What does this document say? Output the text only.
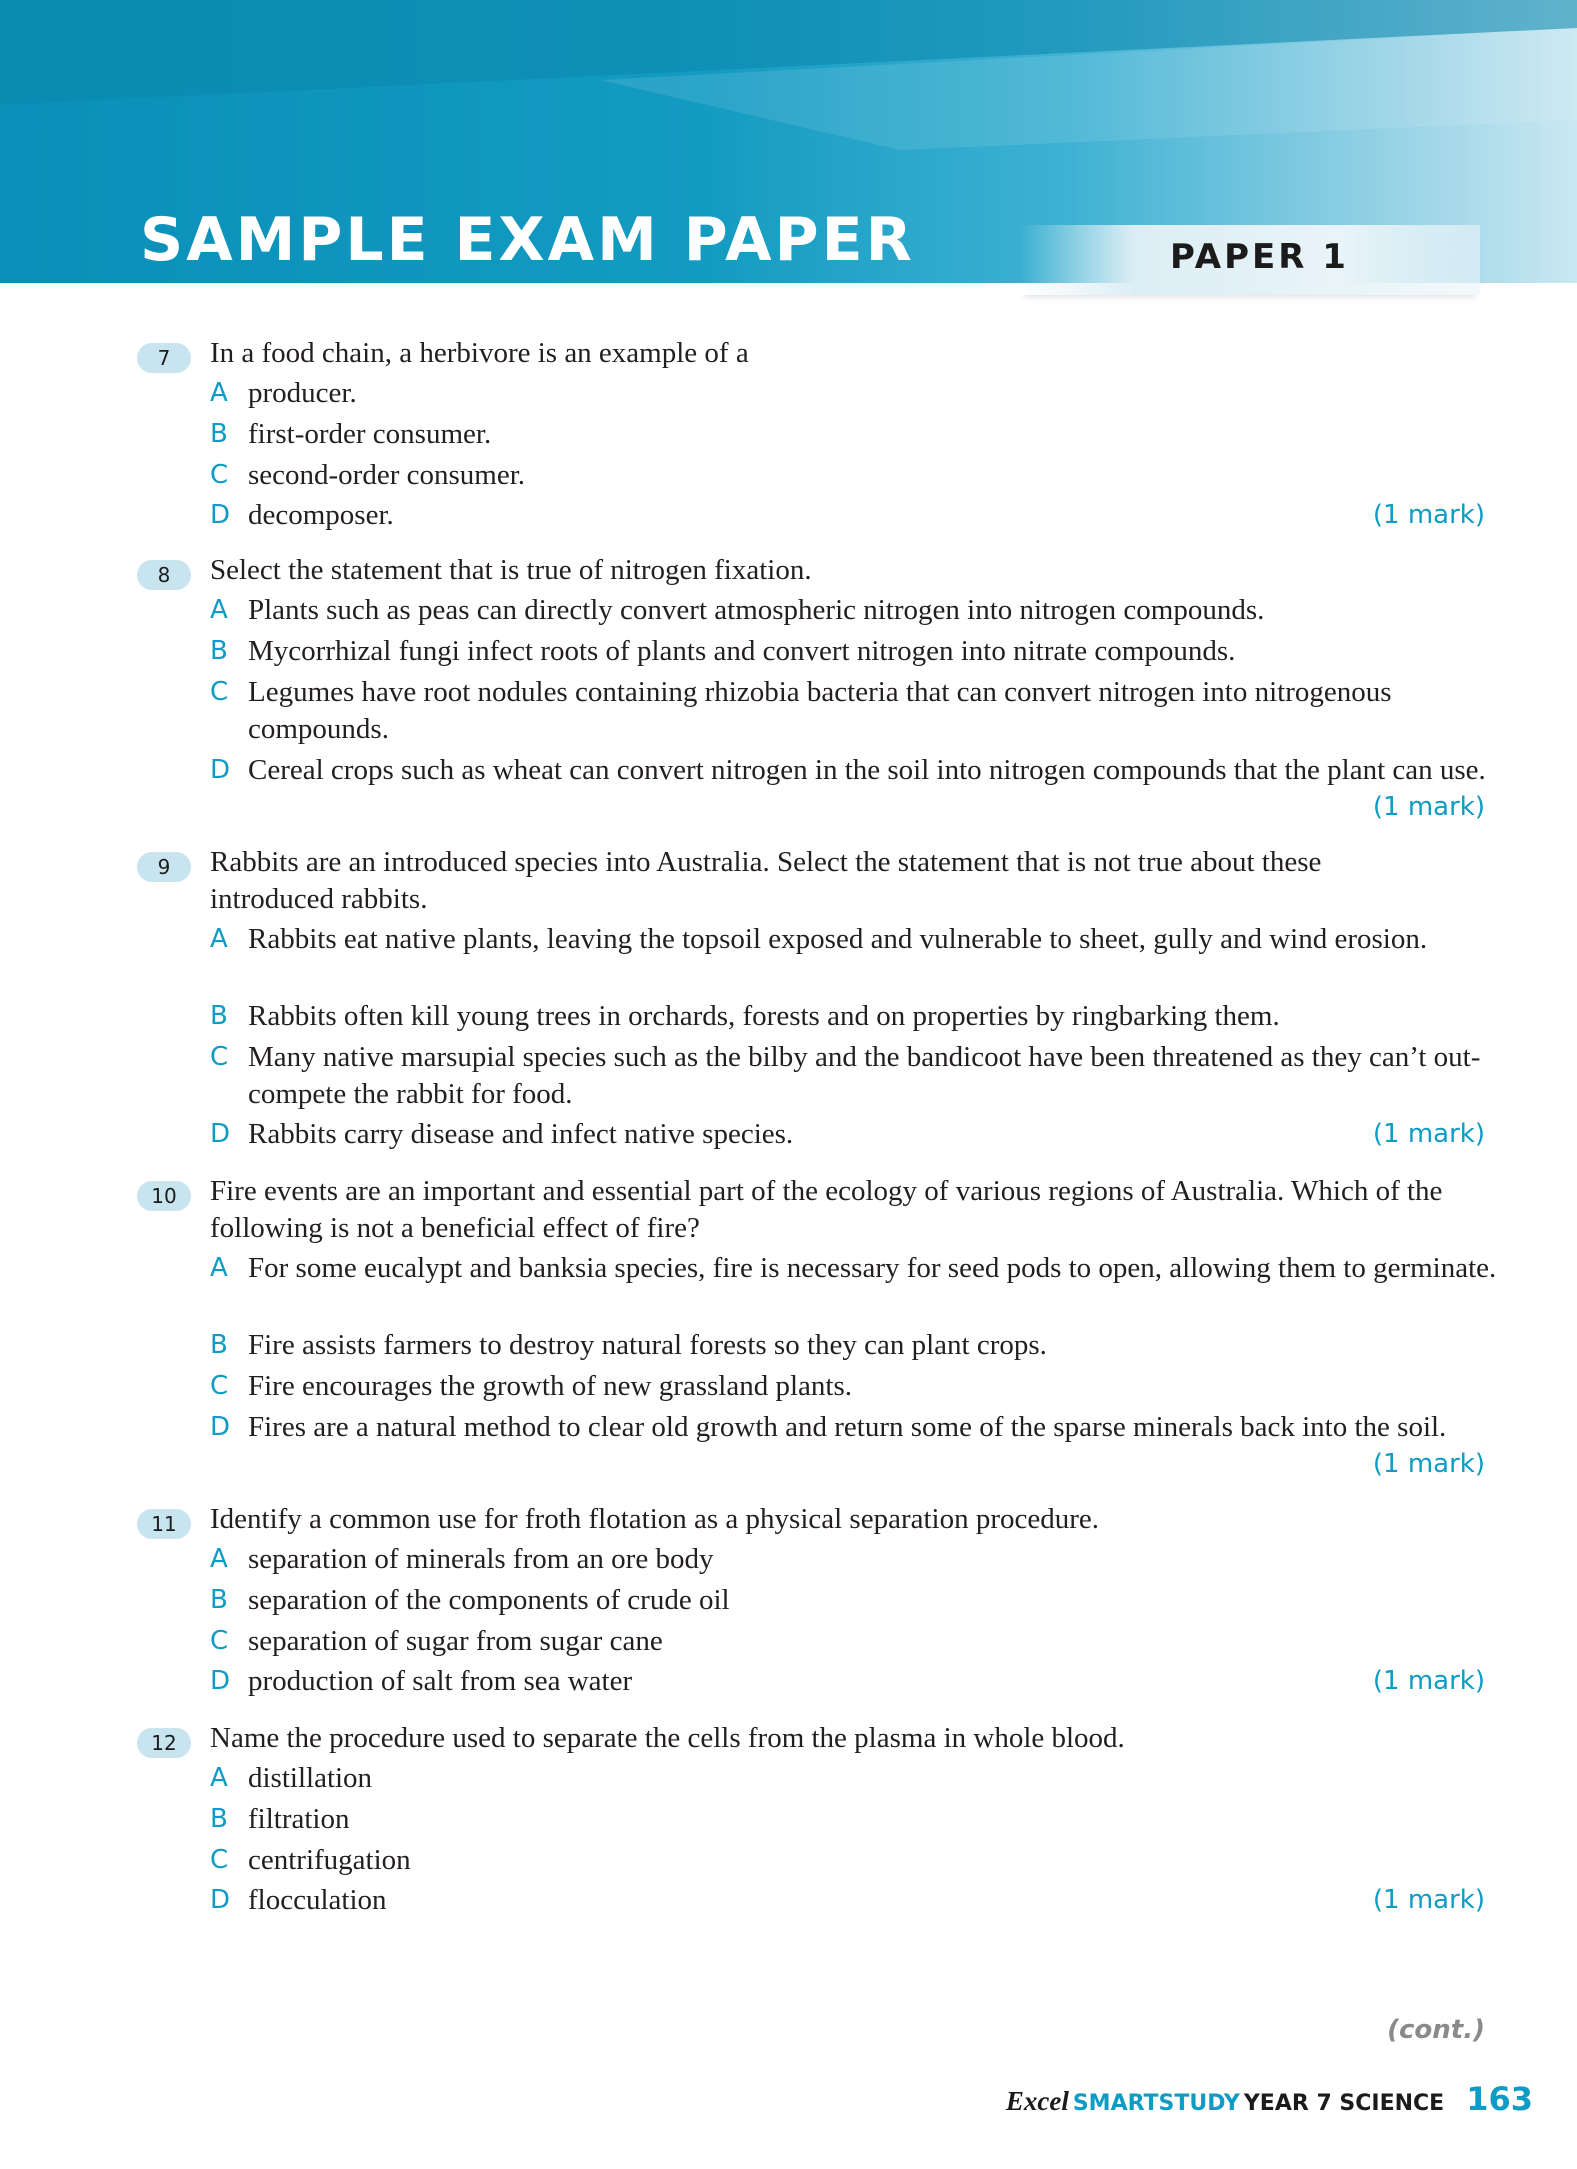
SAMPLE EXAM PAPER	PAPER 1
7	In a food chain, a herbivore is an example of a

A producer.

B first-order consumer.

C second-order consumer.

D decomposer.	(1 mark)
8	Select the statement that is true of nitrogen fixation.

A Plants such as peas can directly convert atmospheric nitrogen into nitrogen compounds.

B Mycorrhizal fungi infect roots of plants and convert nitrogen into nitrate compounds.

C Legumes have root nodules containing rhizobia bacteria that can convert nitrogen into nitrogenous compounds.

D Cereal crops such as wheat can convert nitrogen in the soil into nitrogen compounds that the plant can use.

(1 mark)
9	Rabbits are an introduced species into Australia. Select the statement that is not true about these introduced rabbits.

A Rabbits eat native plants, leaving the topsoil exposed and vulnerable to sheet, gully and wind erosion.

B Rabbits often kill young trees in orchards, forests and on properties by ringbarking them.

C Many native marsupial species such as the bilby and the bandicoot have been threatened as they can’t out-compete the rabbit for food.

D Rabbits carry disease and infect native species.	(1 mark)
10	Fire events are an important and essential part of the ecology of various regions of Australia. Which of the following is not a beneficial effect of fire?

A For some eucalypt and banksia species, fire is necessary for seed pods to open, allowing them to germinate.

B Fire assists farmers to destroy natural forests so they can plant crops.

C Fire encourages the growth of new grassland plants.

D Fires are a natural method to clear old growth and return some of the sparse minerals back into the soil.

(1 mark)
11	Identify a common use for froth flotation as a physical separation procedure.

A separation of minerals from an ore body

B separation of the components of crude oil

C separation of sugar from sugar cane

D production of salt from sea water	(1 mark)
12	Name the procedure used to separate the cells from the plasma in whole blood.

A distillation

B filtration

C centrifugation

D flocculation	(1 mark)
(cont.)
Excel SMARTSTUDY YEAR 7 SCIENCE 163
